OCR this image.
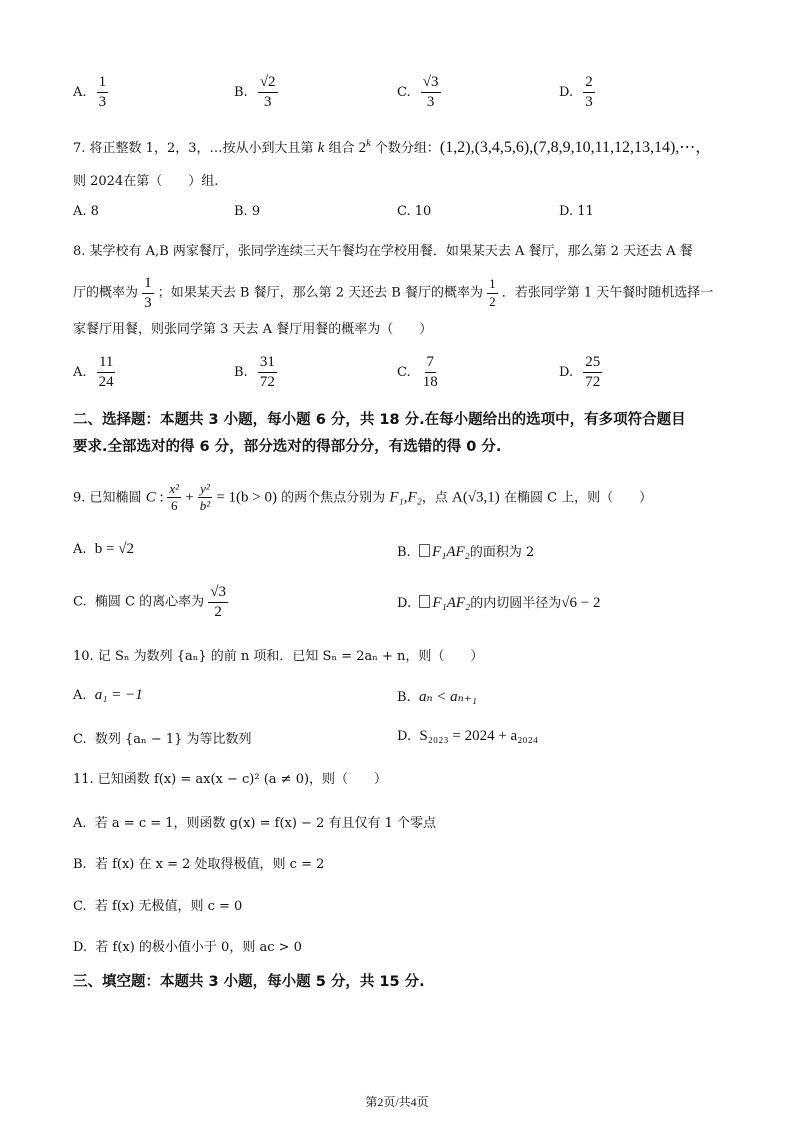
A. $\frac{1}{3}$	B. $\frac{√2}{3}$	C. $\frac{√3}{3}$	D. $\frac{2}{3}$
7. 将正整数 1，2，3，…按从小到大且第 k 组合 2$^k$ 个数分组：(1,2),(3,4,5,6),(7,8,9,10,11,12,13,14),⋯，
则 2024在第（　　）组.
A. 8	B. 9	C. 10	D. 11
8. 某学校有 A,B 两家餐厅，张同学连续三天午餐均在学校用餐．如果某天去 A 餐厅，那么第 2 天还去 A 餐
厅的概率为 $\frac{1}{3}$ ；如果某天去 B 餐厅，那么第 2 天还去 B 餐厅的概率为 $\frac{1}{2}$ ．若张同学第 1 天午餐时随机选择一
家餐厅用餐，则张同学第 3 天去 A 餐厅用餐的概率为（　　）
A. $\frac{11}{24}$	B. $\frac{31}{72}$	C. $\frac{7}{18}$	D. $\frac{25}{72}$
二、选择题：本题共 3 小题，每小题 6 分，共 18 分.在每小题给出的选项中，有多项符合题目
要求.全部选对的得 6 分，部分选对的得部分分，有选错的得 0 分.
9. 已知椭圆 C : $\frac{\text{x²}}{6} + \frac{\text{y²}}{\text{b²}} = 1(b > 0)$ 的两个焦点分别为 F₁,F₂，点 A(√3,1) 在椭圆 C 上，则（　　）
A.  b = √2	B.  F₁AF₂的面积为 2
C.  椭圆 C 的离心率为 $\frac{√3}{2}$	D.  F₁AF₂的内切圆半径为√6 − 2
10. 记 Sₙ 为数列 {aₙ} 的前 n 项和．已知 Sₙ = 2aₙ + n，则（　　）
A.  a₁ = −1	B.  aₙ < aₙ₊₁
C.  数列 {aₙ − 1} 为等比数列	D.  S₂₀₂₃ = 2024 + a₂₀₂₄
11. 已知函数 f(x) = ax(x − c)² (a ≠ 0)，则（　　）
A.  若 a = c = 1，则函数 g(x) = f(x) − 2 有且仅有 1 个零点
B.  若 f(x) 在 x = 2 处取得极值，则 c = 2
C.  若 f(x) 无极值，则 c = 0
D.  若 f(x) 的极小值小于 0，则 ac > 0
三、填空题：本题共 3 小题，每小题 5 分，共 15 分.
第2页/共4页
